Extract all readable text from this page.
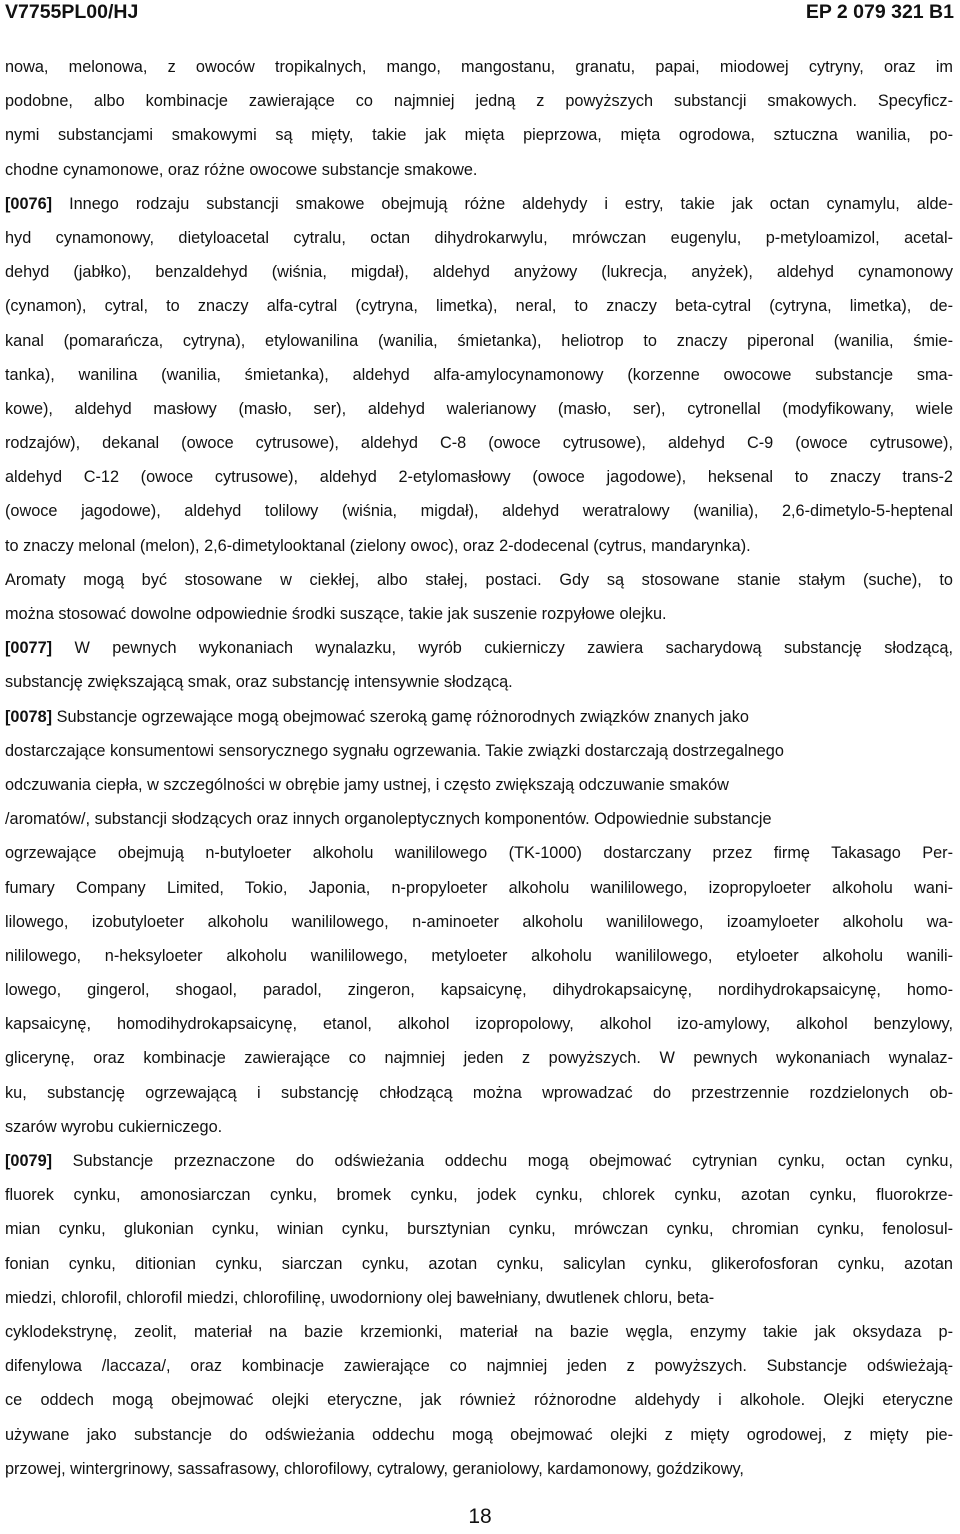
V7755PL00/HJ	EP 2 079 321 B1
nowa, melonowa, z owoców tropikalnych, mango, mangostanu, granatu, papai, miodowej cytryny, oraz im
podobne, albo kombinacje zawierające co najmniej jedną z powyższych substancji smakowych. Specyficz-
nymi substancjami smakowymi są mięty, takie jak mięta pieprzowa, mięta ogrodowa, sztuczna wanilia, po-
chodne cynamonowe, oraz różne owocowe substancje smakowe.
[0076] Innego rodzaju substancji smakowe obejmują różne aldehydy i estry, takie jak octan cynamylu, alde-
hyd cynamonowy, dietyloacetal cytralu, octan dihydrokarwylu, mrówczan eugenylu, p-metyloamizol, acetal-
dehyd (jabłko), benzaldehyd (wiśnia, migdał), aldehyd anyżowy (lukrecja, anyżek), aldehyd cynamonowy
(cynamon), cytral, to znaczy alfa-cytral (cytryna, limetka), neral, to znaczy beta-cytral (cytryna, limetka), de-
kanal (pomarańcza, cytryna), etylowanilina (wanilia, śmietanka), heliotrop to znaczy piperonal (wanilia, śmie-
tanka), wanilina (wanilia, śmietanka), aldehyd alfa-amylocynamonowy (korzenne owocowe substancje sma-
kowe), aldehyd masłowy (masło, ser), aldehyd walerianowy (masło, ser), cytronellal (modyfikowany, wiele
rodzajów), dekanal (owoce cytrusowe), aldehyd C-8 (owoce cytrusowe), aldehyd C-9 (owoce cytrusowe),
aldehyd C-12 (owoce cytrusowe), aldehyd 2-etylomasłowy (owoce jagodowe), heksenal to znaczy trans-2
(owoce jagodowe), aldehyd tolilowy (wiśnia, migdał), aldehyd weratralowy (wanilia), 2,6-dimetylo-5-heptenal
to znaczy melonal (melon), 2,6-dimetylooktanal (zielony owoc), oraz 2-dodecenal (cytrus, mandarynka).
Aromaty mogą być stosowane w ciekłej, albo stałej, postaci. Gdy są stosowane stanie stałym (suche), to
można stosować dowolne odpowiednie środki suszące, takie jak suszenie rozpyłowe olejku.
[0077] W pewnych wykonaniach wynalazku, wyrób cukierniczy zawiera sacharydową substancję słodzącą,
substancję zwiększającą smak, oraz substancję intensywnie słodzącą.
[0078] Substancje ogrzewające mogą obejmować szeroką gamę różnorodnych związków znanych jako
dostarczające konsumentowi sensorycznego sygnału ogrzewania. Takie związki dostarczają dostrzegalnego
odczuwania ciepła, w szczególności w obrębie jamy ustnej, i często zwiększają odczuwanie smaków
/aromatów/, substancji słodzących oraz innych organoleptycznych komponentów. Odpowiednie substancje
ogrzewające obejmują n-butyloeter alkoholu wanililowego (TK-1000) dostarczany przez firmę Takasago Per-
fumary Company Limited, Tokio, Japonia, n-propyloeter alkoholu wanililowego, izopropyloeter alkoholu wani-
lilowego, izobutyloeter alkoholu wanililowego, n-aminoeter alkoholu wanililowego, izoamyloeter alkoholu wa-
nililowego, n-heksyloeter alkoholu wanililowego, metyloeter alkoholu wanililowego, etyloeter alkoholu wanili-
lowego, gingerol, shogaol, paradol, zingeron, kapsaicynę, dihydrokapsaicynę, nordihydrokapsaicynę, homo-
kapsaicynę, homodihydrokapsaicynę, etanol, alkohol izopropolowy, alkohol izo-amylowy, alkohol benzylowy,
glicerynę, oraz kombinacje zawierające co najmniej jeden z powyższych. W pewnych wykonaniach wynalaz-
ku, substancję ogrzewającą i substancję chłodzącą można wprowadzać do przestrzennie rozdzielonych ob-
szarów wyrobu cukierniczego.
[0079] Substancje przeznaczone do odświeżania oddechu mogą obejmować cytrynian cynku, octan cynku,
fluorek cynku, amonosiarczan cynku, bromek cynku, jodek cynku, chlorek cynku, azotan cynku, fluorokrze-
mian cynku, glukonian cynku, winian cynku, bursztynian cynku, mrówczan cynku, chromian cynku, fenolosul-
fonian cynku, ditionian cynku, siarczan cynku, azotan cynku, salicylan cynku, glikerofosforan cynku, azotan
miedzi, chlorofil, chlorofil miedzi, chlorofilinę, uwodorniony olej bawełniany, dwutlenek chloru, beta-
cyklodekstrynę, zeolit, materiał na bazie krzemionki, materiał na bazie węgla, enzymy takie jak oksydaza p-
difenylowa /laccaza/, oraz kombinacje zawierające co najmniej jeden z powyższych. Substancje odświeżają-
ce oddech mogą obejmować olejki eteryczne, jak również różnorodne aldehydy i alkohole. Olejki eteryczne
używane jako substancje do odświeżania oddechu mogą obejmować olejki z mięty ogrodowej, z mięty pie-
przowej, wintergrinowy, sassafrasowy, chlorofilowy, cytralowy, geraniolowy, kardamonowy, goździkowy,
18
